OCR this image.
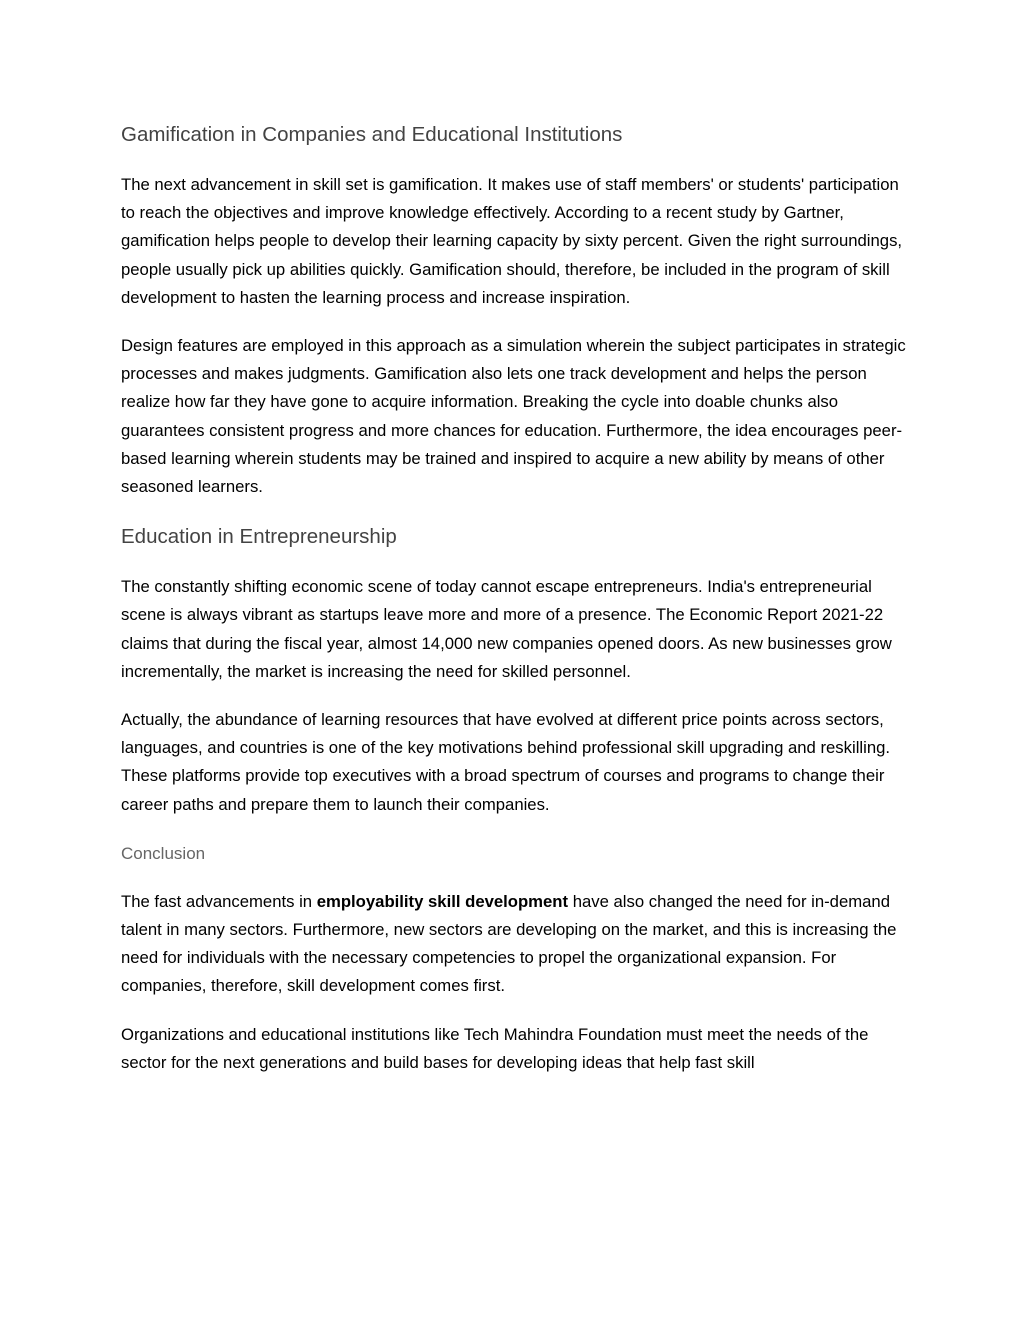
Gamification in Companies and Educational Institutions

The next advancement in skill set is gamification. It makes use of staff members' or students' participation to reach the objectives and improve knowledge effectively. According to a recent study by Gartner, gamification helps people to develop their learning capacity by sixty percent. Given the right surroundings, people usually pick up abilities quickly. Gamification should, therefore, be included in the program of skill development to hasten the learning process and increase inspiration.

Design features are employed in this approach as a simulation wherein the subject participates in strategic processes and makes judgments. Gamification also lets one track development and helps the person realize how far they have gone to acquire information. Breaking the cycle into doable chunks also guarantees consistent progress and more chances for education. Furthermore, the idea encourages peer-based learning wherein students may be trained and inspired to acquire a new ability by means of other seasoned learners.

Education in Entrepreneurship

The constantly shifting economic scene of today cannot escape entrepreneurs. India's entrepreneurial scene is always vibrant as startups leave more and more of a presence. The Economic Report 2021-22 claims that during the fiscal year, almost 14,000 new companies opened doors. As new businesses grow incrementally, the market is increasing the need for skilled personnel.

Actually, the abundance of learning resources that have evolved at different price points across sectors, languages, and countries is one of the key motivations behind professional skill upgrading and reskilling. These platforms provide top executives with a broad spectrum of courses and programs to change their career paths and prepare them to launch their companies.

Conclusion

The fast advancements in employability skill development have also changed the need for in-demand talent in many sectors. Furthermore, new sectors are developing on the market, and this is increasing the need for individuals with the necessary competencies to propel the organizational expansion. For companies, therefore, skill development comes first.

Organizations and educational institutions like Tech Mahindra Foundation must meet the needs of the sector for the next generations and build bases for developing ideas that help fast skill
